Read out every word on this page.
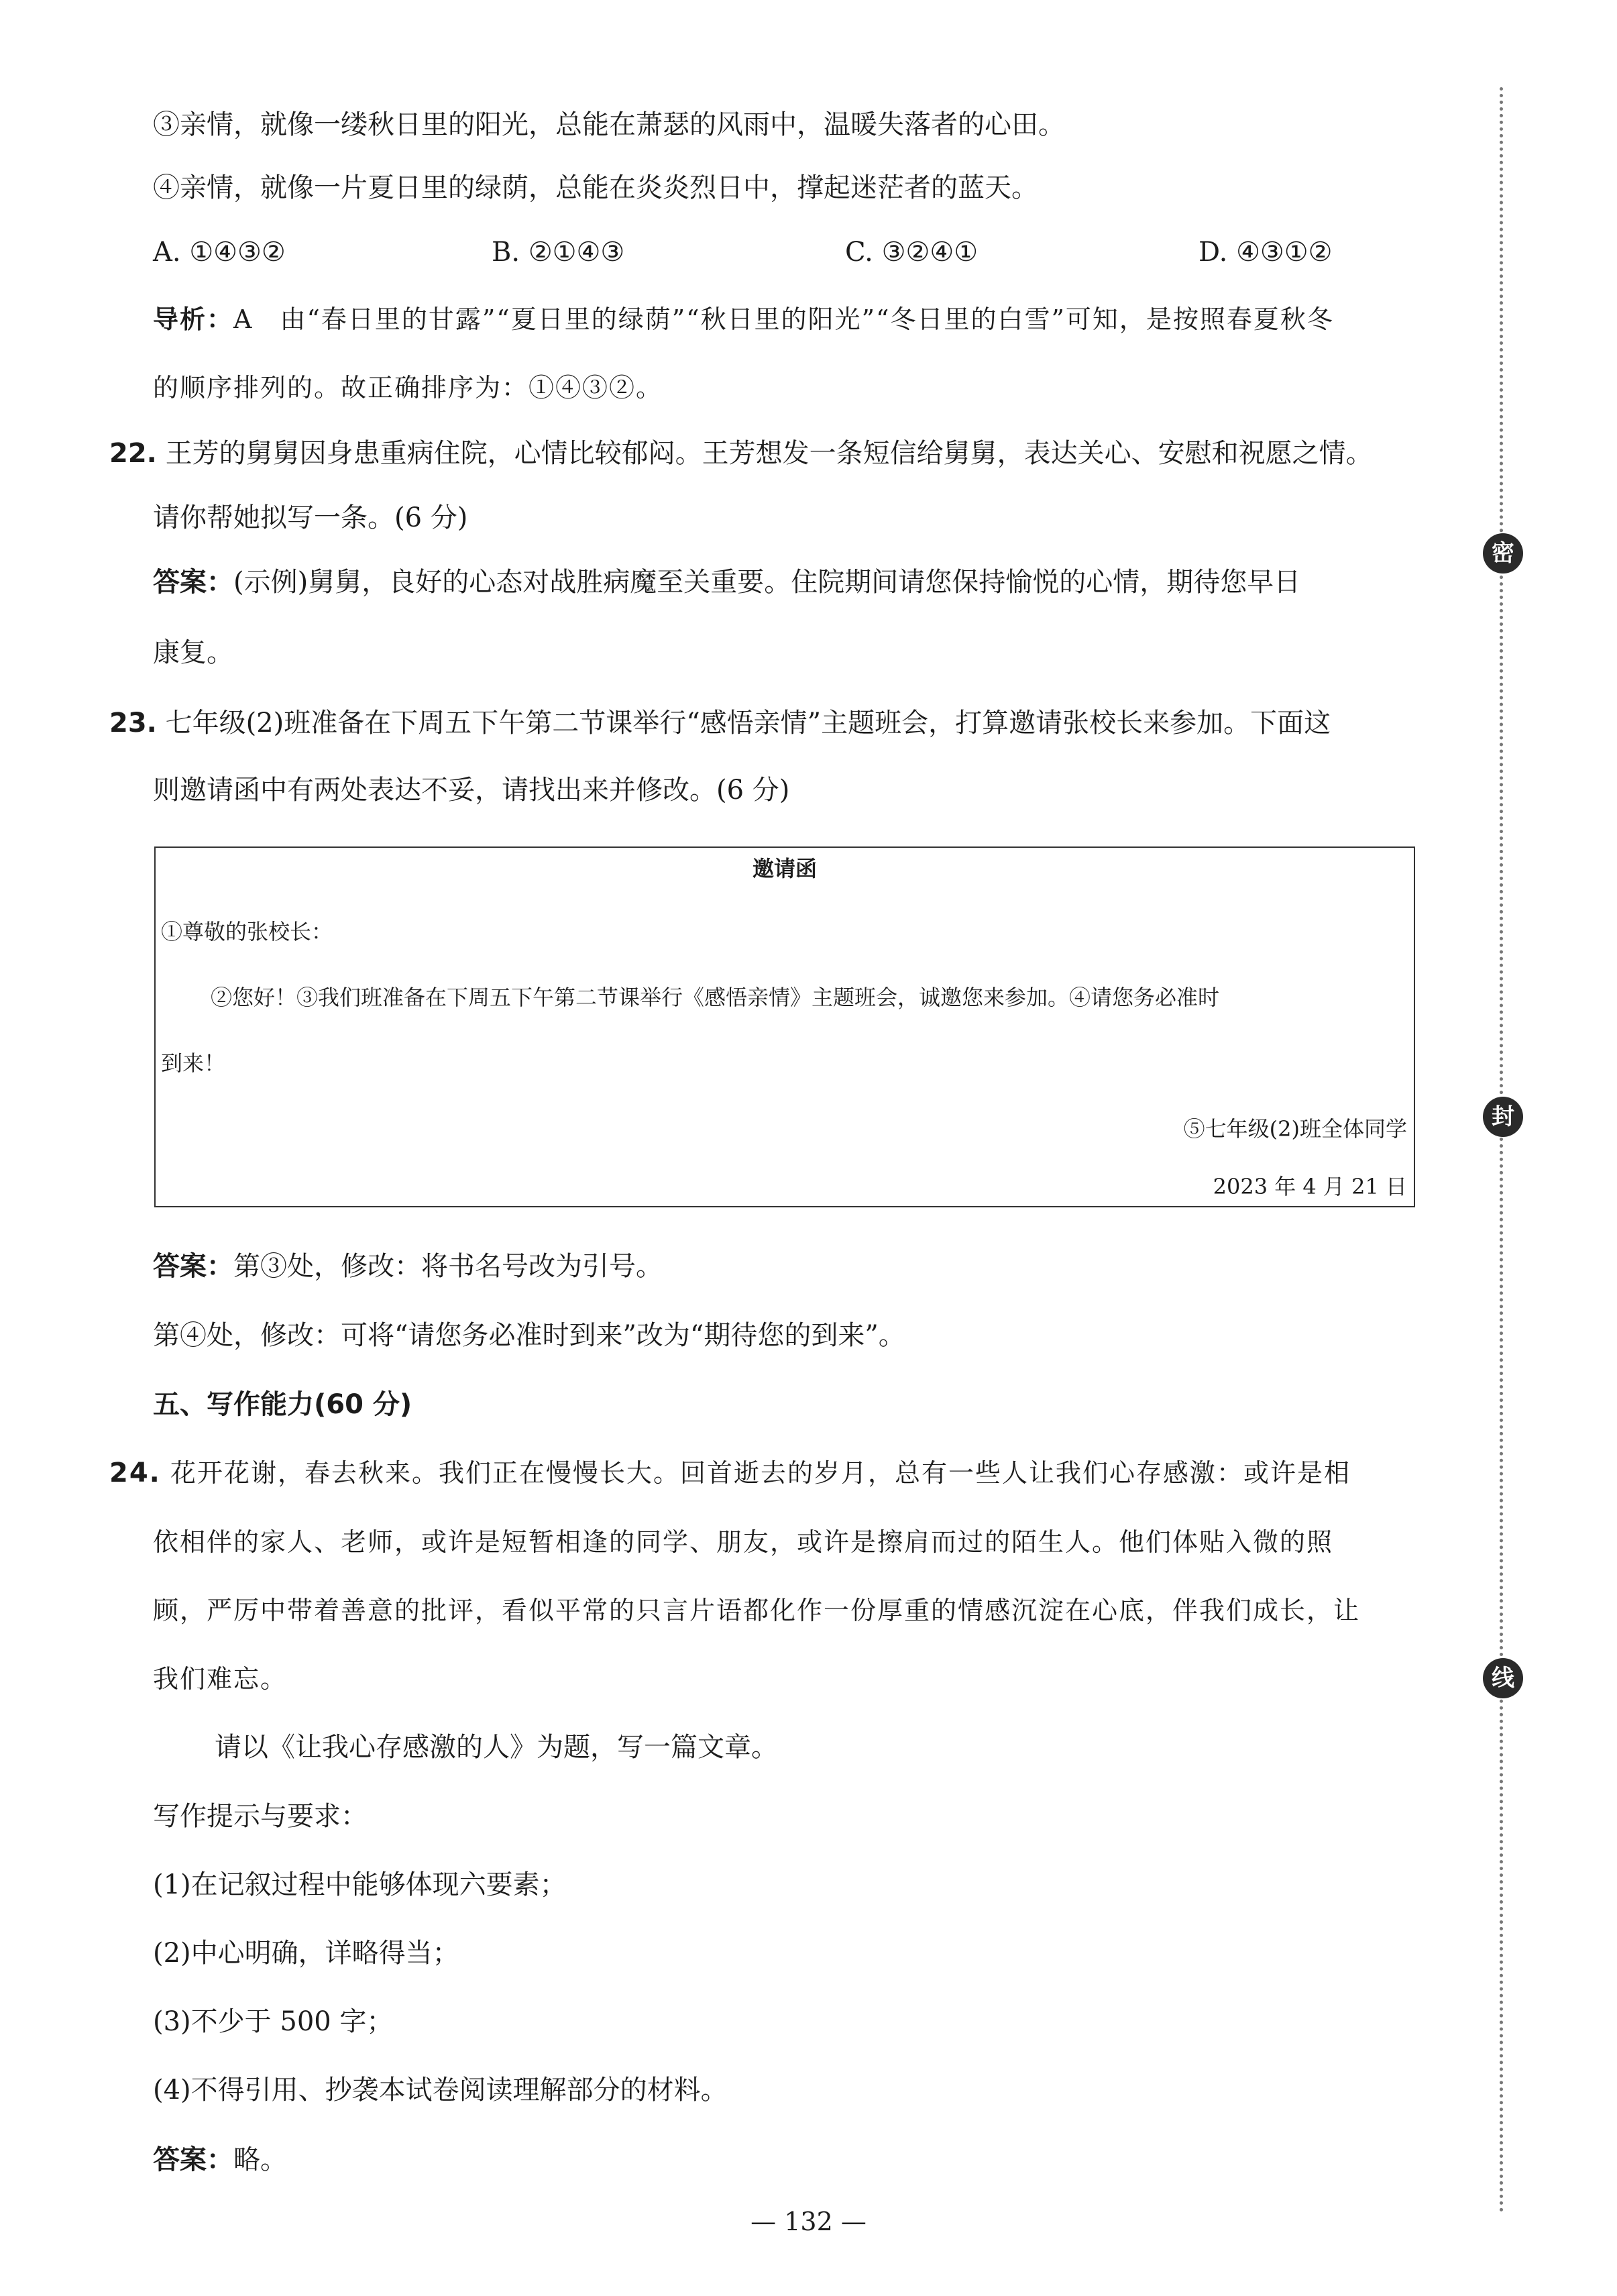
③亲情，就像一缕秋日里的阳光，总能在萧瑟的风雨中，温暖失落者的心田。
④亲情，就像一片夏日里的绿荫，总能在炎炎烈日中，撑起迷茫者的蓝天。
A. ①④③②	B. ②①④③	C. ③②④①	D. ④③①②
导析：A　由“春日里的甘露”“夏日里的绿荫”“秋日里的阳光”“冬日里的白雪”可知，是按照春夏秋冬
的顺序排列的。故正确排序为：①④③②。
22. 王芳的舅舅因身患重病住院，心情比较郁闷。王芳想发一条短信给舅舅，表达关心、安慰和祝愿之情。
请你帮她拟写一条。(6 分)
答案：(示例)舅舅，良好的心态对战胜病魔至关重要。住院期间请您保持愉悦的心情，期待您早日
康复。
23. 七年级(2)班准备在下周五下午第二节课举行“感悟亲情”主题班会，打算邀请张校长来参加。下面这
则邀请函中有两处表达不妥，请找出来并修改。(6 分)
邀请函
①尊敬的张校长：
②您好！③我们班准备在下周五下午第二节课举行《感悟亲情》主题班会，诚邀您来参加。④请您务必准时
到来！
⑤七年级(2)班全体同学
2023 年 4 月 21 日
答案：第③处，修改：将书名号改为引号。
第④处，修改：可将“请您务必准时到来”改为“期待您的到来”。
五、写作能力(60 分)
24. 花开花谢，春去秋来。我们正在慢慢长大。回首逝去的岁月，总有一些人让我们心存感激：或许是相
依相伴的家人、老师，或许是短暂相逢的同学、朋友，或许是擦肩而过的陌生人。他们体贴入微的照
顾，严厉中带着善意的批评，看似平常的只言片语都化作一份厚重的情感沉淀在心底，伴我们成长，让
我们难忘。
请以《让我心存感激的人》为题，写一篇文章。
写作提示与要求：
(1)在记叙过程中能够体现六要素；
(2)中心明确，详略得当；
(3)不少于 500 字；
(4)不得引用、抄袭本试卷阅读理解部分的材料。
答案：略。
— 132 —
密
封
线
